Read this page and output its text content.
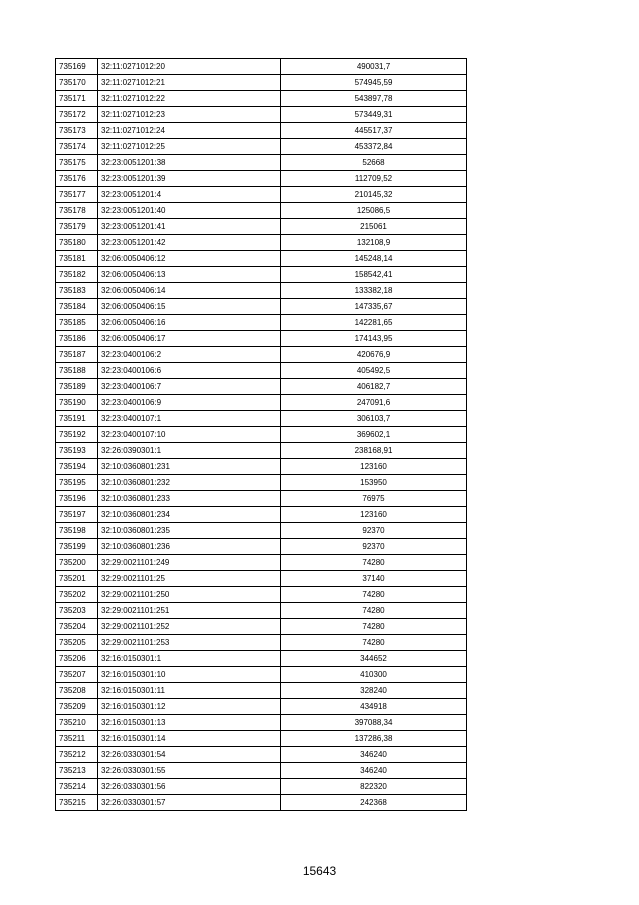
735169	32:11:0271012:20	490031,7
735170	32:11:0271012:21	574945,59
735171	32:11:0271012:22	543897,78
735172	32:11:0271012:23	573449,31
735173	32:11:0271012:24	445517,37
735174	32:11:0271012:25	453372,84
735175	32:23:0051201:38	52668
735176	32:23:0051201:39	112709,52
735177	32:23:0051201:4	210145,32
735178	32:23:0051201:40	125086,5
735179	32:23:0051201:41	215061
735180	32:23:0051201:42	132108,9
735181	32:06:0050406:12	145248,14
735182	32:06:0050406:13	158542,41
735183	32:06:0050406:14	133382,18
735184	32:06:0050406:15	147335,67
735185	32:06:0050406:16	142281,65
735186	32:06:0050406:17	174143,95
735187	32:23:0400106:2	420676,9
735188	32:23:0400106:6	405492,5
735189	32:23:0400106:7	406182,7
735190	32:23:0400106:9	247091,6
735191	32:23:0400107:1	306103,7
735192	32:23:0400107:10	369602,1
735193	32:26:0390301:1	238168,91
735194	32:10:0360801:231	123160
735195	32:10:0360801:232	153950
735196	32:10:0360801:233	76975
735197	32:10:0360801:234	123160
735198	32:10:0360801:235	92370
735199	32:10:0360801:236	92370
735200	32:29:0021101:249	74280
735201	32:29:0021101:25	37140
735202	32:29:0021101:250	74280
735203	32:29:0021101:251	74280
735204	32:29:0021101:252	74280
735205	32:29:0021101:253	74280
735206	32:16:0150301:1	344652
735207	32:16:0150301:10	410300
735208	32:16:0150301:11	328240
735209	32:16:0150301:12	434918
735210	32:16:0150301:13	397088,34
735211	32:16:0150301:14	137286,38
735212	32:26:0330301:54	346240
735213	32:26:0330301:55	346240
735214	32:26:0330301:56	822320
735215	32:26:0330301:57	242368
15643
